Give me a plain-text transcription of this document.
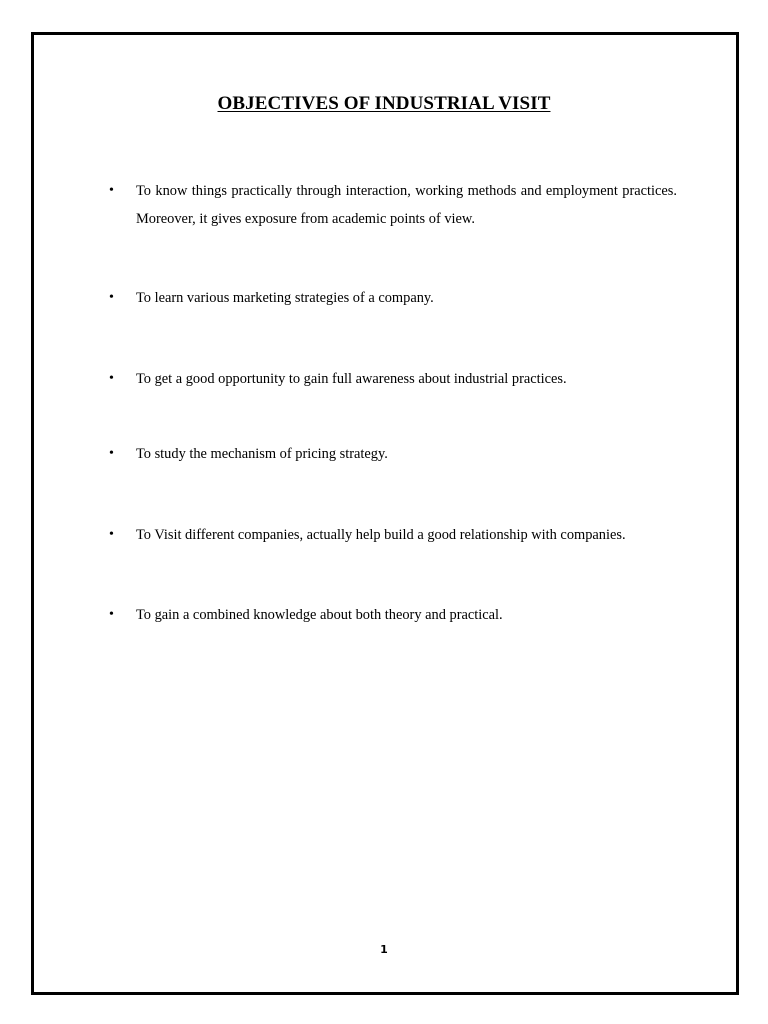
OBJECTIVES OF INDUSTRIAL VISIT
•	To know things practically through interaction, working methods and employment practices. Moreover, it gives exposure from academic points of view.
•	To learn various marketing strategies of a company.
•	To get a good opportunity to gain full awareness about industrial practices.
•	To study the mechanism of pricing strategy.
•	To Visit different companies, actually help build a good relationship with companies.
•	To gain a combined knowledge about both theory and practical.
1
